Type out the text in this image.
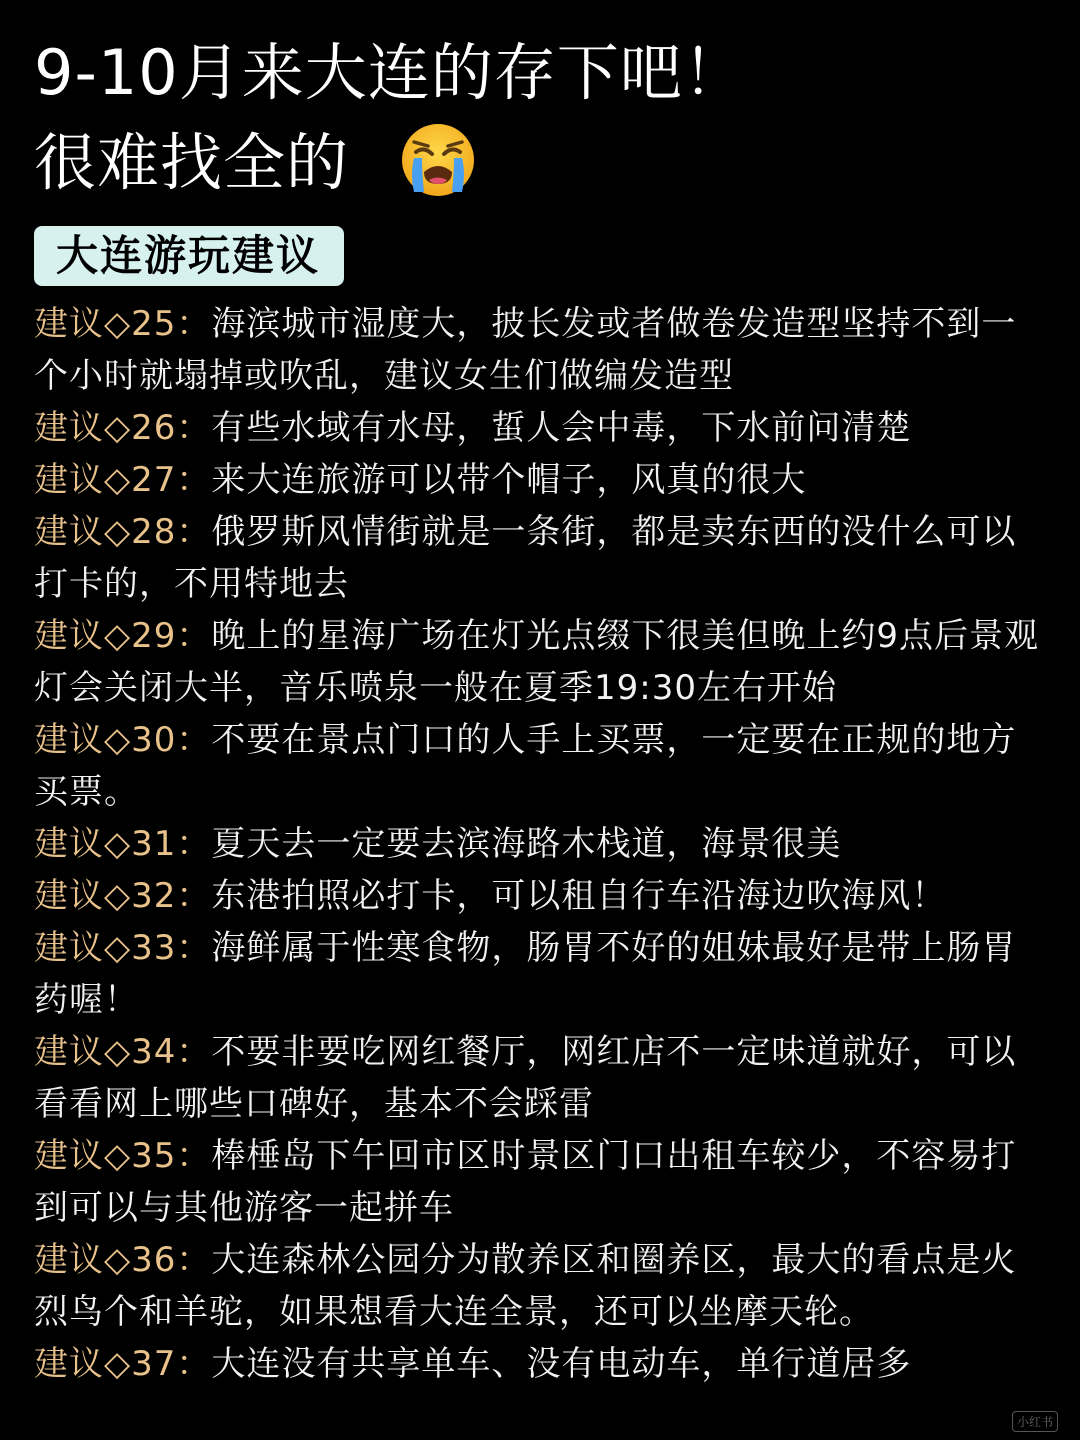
9-10月来大连的存下吧！
很难找全的
大连游玩建议
建议◇25：海滨城市湿度大，披长发或者做卷发造型坚持不到一个小时就塌掉或吹乱，建议女生们做编发造型
建议◇26：有些水域有水母，蜇人会中毒，下水前问清楚
建议◇27：来大连旅游可以带个帽子，风真的很大
建议◇28：俄罗斯风情街就是一条街，都是卖东西的没什么可以打卡的，不用特地去
建议◇29：晚上的星海广场在灯光点缀下很美但晚上约9点后景观灯会关闭大半，音乐喷泉一般在夏季19:30左右开始
建议◇30：不要在景点门口的人手上买票，一定要在正规的地方买票。
建议◇31：夏天去一定要去滨海路木栈道，海景很美
建议◇32：东港拍照必打卡，可以租自行车沿海边吹海风！
建议◇33：海鲜属于性寒食物，肠胃不好的姐妹最好是带上肠胃药喔！
建议◇34：不要非要吃网红餐厅，网红店不一定味道就好，可以看看网上哪些口碑好，基本不会踩雷
建议◇35：棒棰岛下午回市区时景区门口出租车较少，不容易打到可以与其他游客一起拼车
建议◇36：大连森林公园分为散养区和圈养区，最大的看点是火烈鸟个和羊驼，如果想看大连全景，还可以坐摩天轮。
建议◇37：大连没有共享单车、没有电动车，单行道居多
小红书
